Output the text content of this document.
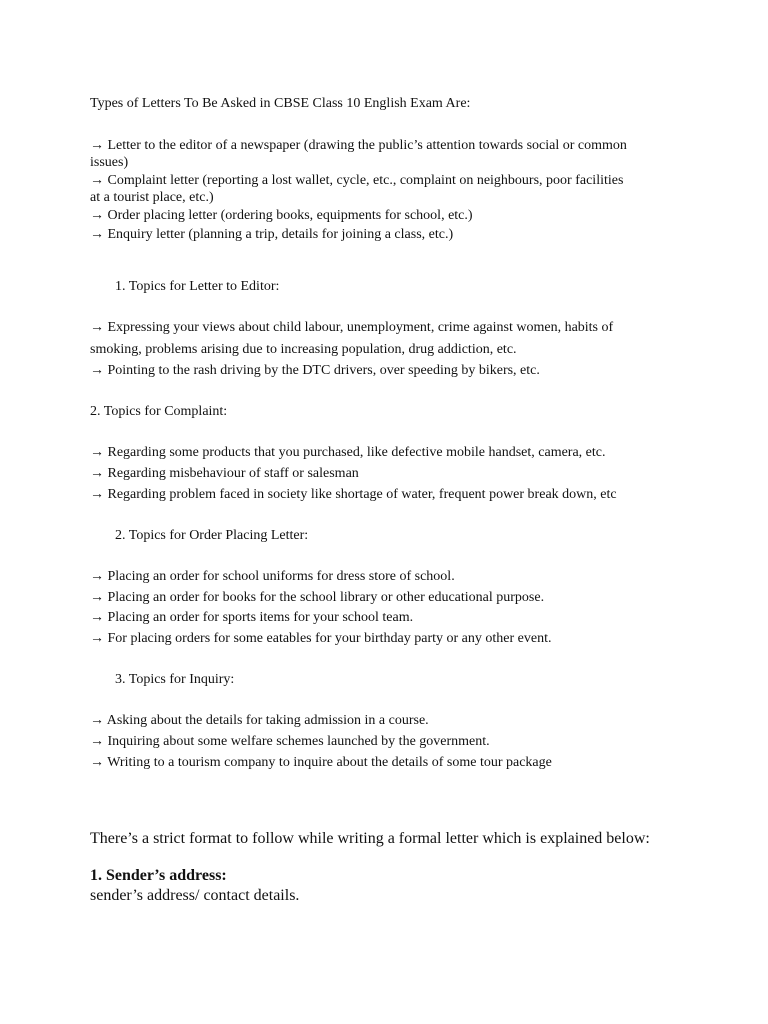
Types of Letters To Be Asked in CBSE Class 10 English Exam Are:
→ Letter to the editor of a newspaper (drawing the public’s attention towards social or common
issues)
→ Complaint letter (reporting a lost wallet, cycle, etc., complaint on neighbours, poor facilities
at a tourist place, etc.)
→ Order placing letter (ordering books, equipments for school, etc.)
→ Enquiry letter (planning a trip, details for joining a class, etc.)
1. Topics for Letter to Editor:
→ Expressing your views about child labour, unemployment, crime against women, habits of
smoking, problems arising due to increasing population, drug addiction, etc.
→ Pointing to the rash driving by the DTC drivers, over speeding by bikers, etc.
2. Topics for Complaint:
→ Regarding some products that you purchased, like defective mobile handset, camera, etc.
→ Regarding misbehaviour of staff or salesman
→ Regarding problem faced in society like shortage of water, frequent power break down, etc
2. Topics for Order Placing Letter:
→ Placing an order for school uniforms for dress store of school.
→ Placing an order for books for the school library or other educational purpose.
→ Placing an order for sports items for your school team.
→ For placing orders for some eatables for your birthday party or any other event.
3. Topics for Inquiry:
→ Asking about the details for taking admission in a course.
→ Inquiring about some welfare schemes launched by the government.
→ Writing to a tourism company to inquire about the details of some tour package
There’s a strict format to follow while writing a formal letter which is explained below:
1. Sender’s address:
sender’s address/ contact details.
